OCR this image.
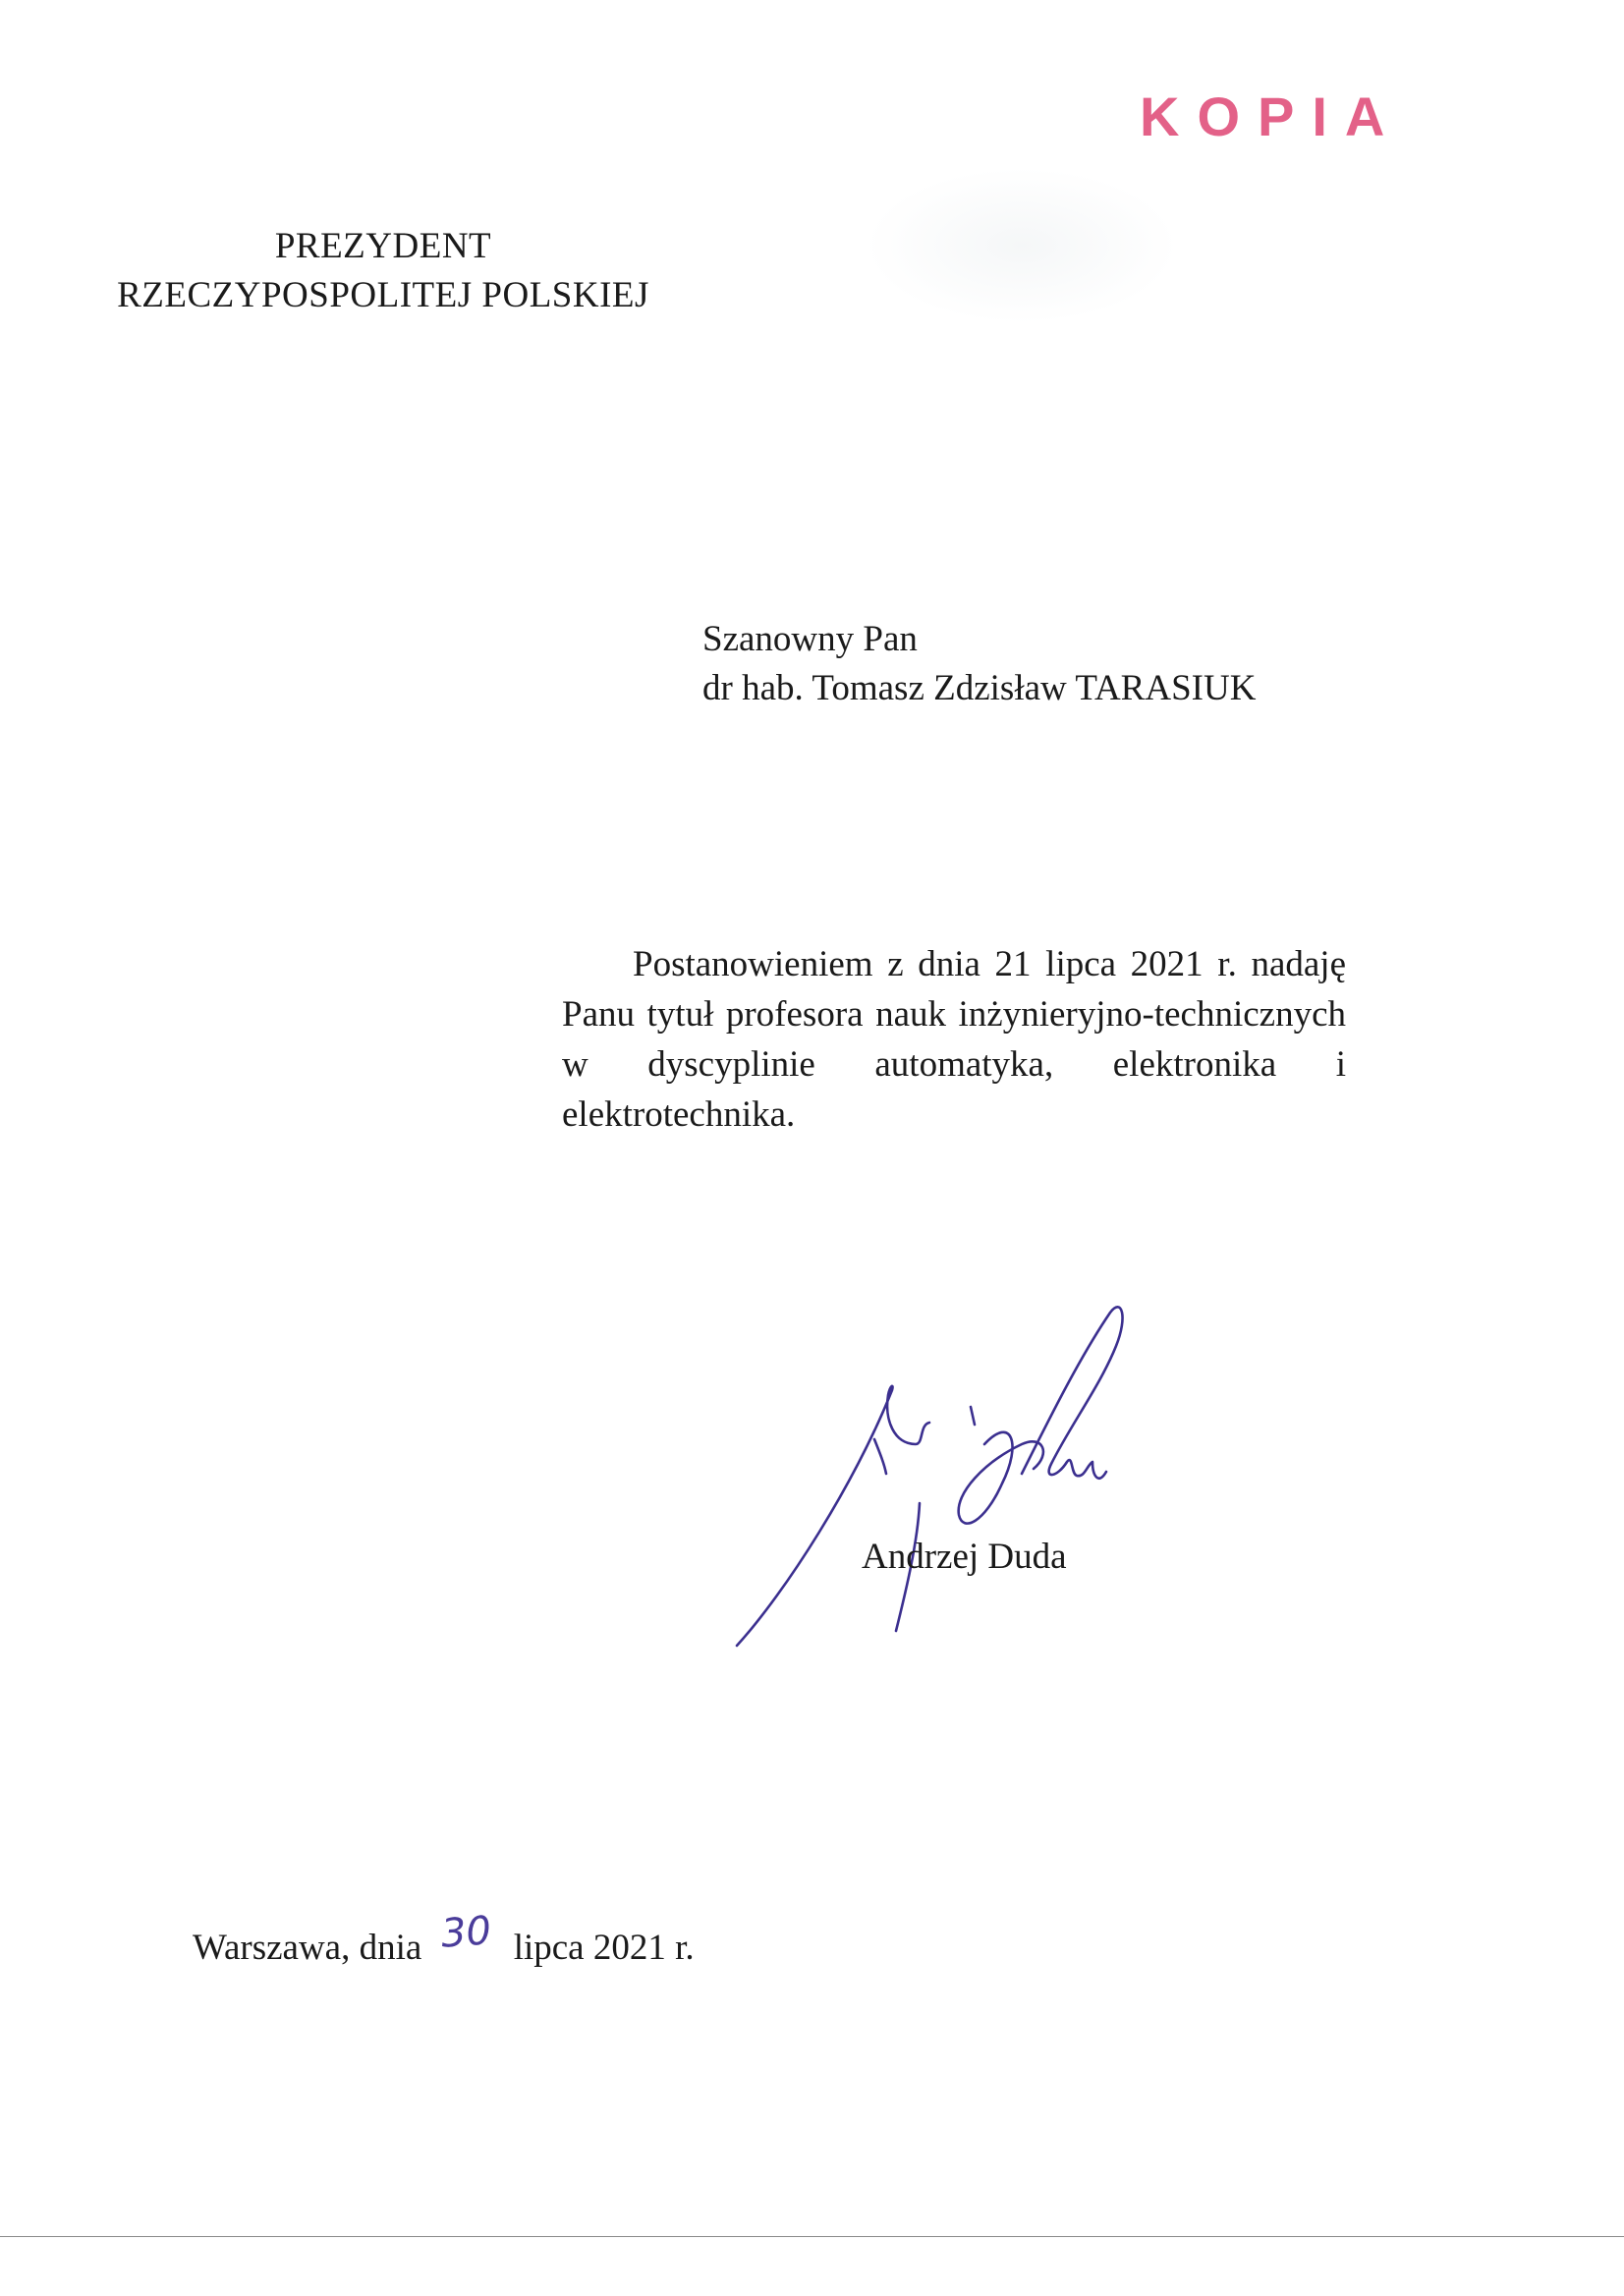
KOPIA
PREZYDENT
RZECZYPOSPOLITEJ POLSKIEJ
Szanowny Pan
dr hab. Tomasz Zdzisław TARASIUK
Postanowieniem z dnia 21 lipca 2021 r. nadaję Panu tytuł profesora nauk inżynieryjno-technicznych w dyscyplinie automatyka, elektronika i elektrotechnika.
Andrzej Duda
Warszawa, dnia 30 lipca 2021 r.
